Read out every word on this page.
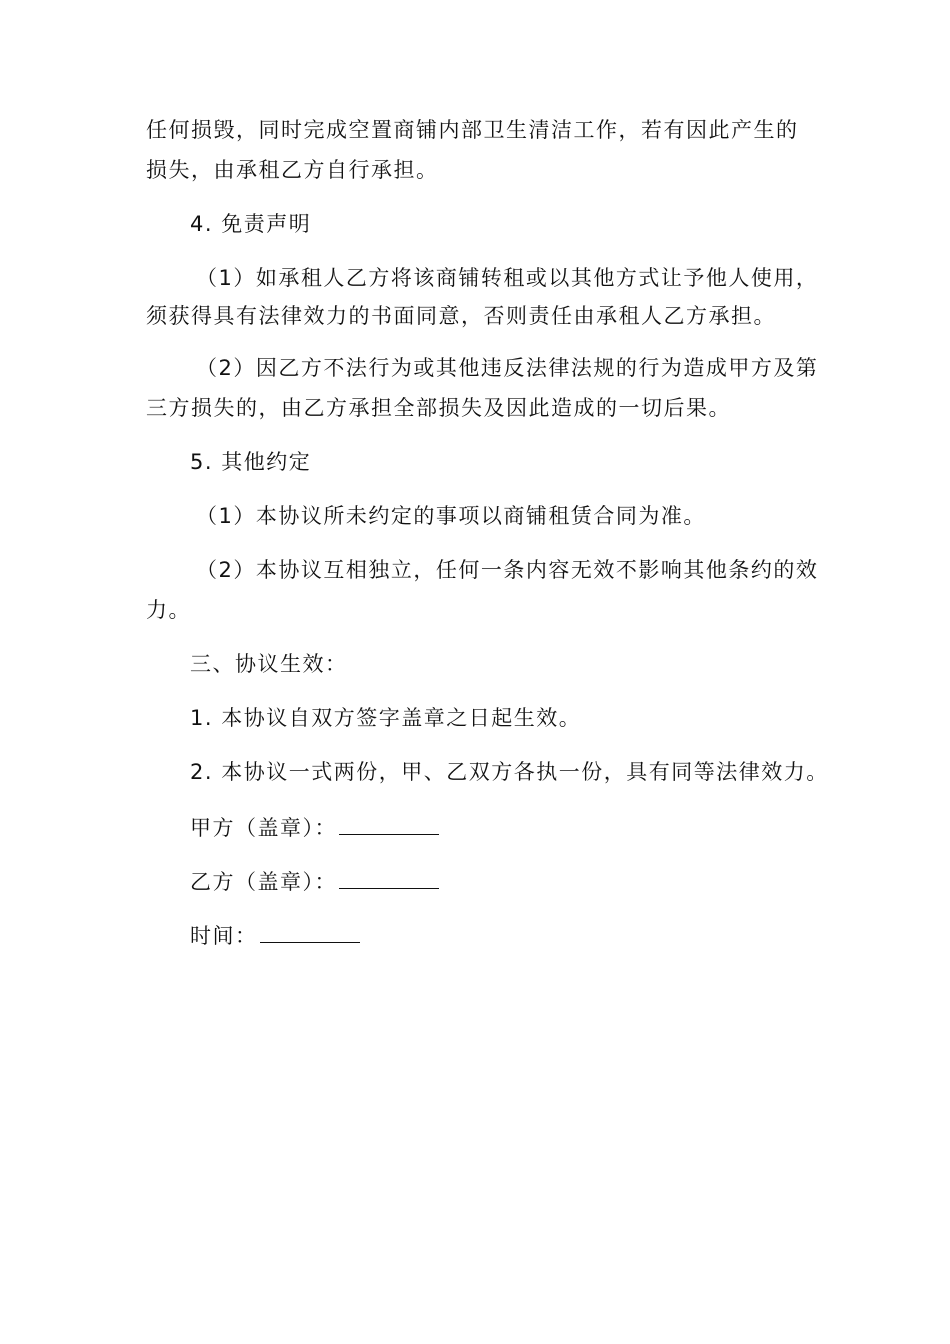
任何损毁，同时完成空置商铺内部卫生清洁工作，若有因此产生的
损失，由承租乙方自行承担。
4. 免责声明
（1）如承租人乙方将该商铺转租或以其他方式让予他人使用，
须获得具有法律效力的书面同意，否则责任由承租人乙方承担。
（2）因乙方不法行为或其他违反法律法规的行为造成甲方及第
三方损失的，由乙方承担全部损失及因此造成的一切后果。
5. 其他约定
（1）本协议所未约定的事项以商铺租赁合同为准。
（2）本协议互相独立，任何一条内容无效不影响其他条约的效
力。
三、协议生效：
1. 本协议自双方签字盖章之日起生效。
2. 本协议一式两份，甲、乙双方各执一份，具有同等法律效力。
甲方（盖章）：
乙方（盖章）：
时间：
